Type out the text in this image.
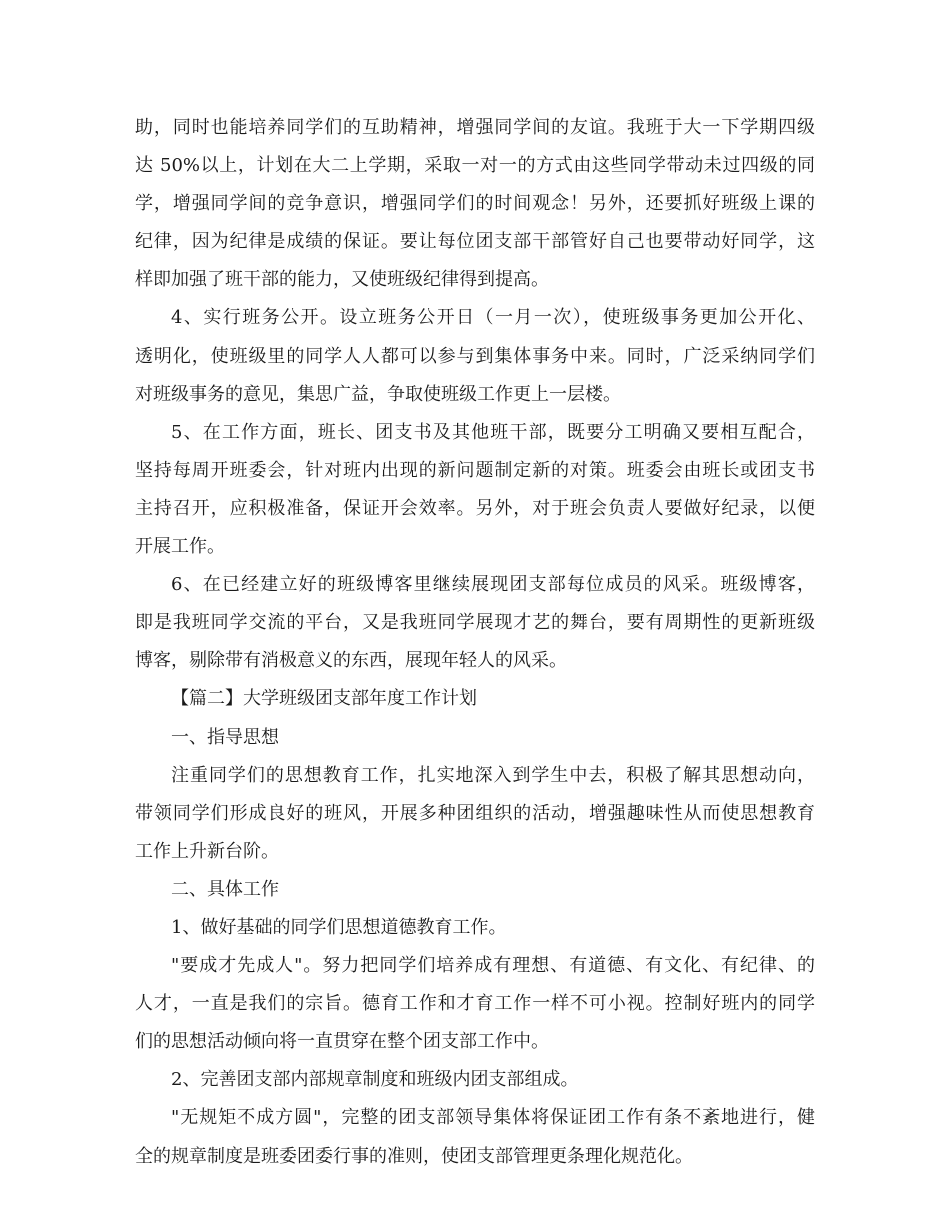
助，同时也能培养同学们的互助精神，增强同学间的友谊。我班于大一下学期四级
达 50%以上，计划在大二上学期，采取一对一的方式由这些同学带动未过四级的同
学，增强同学间的竞争意识，增强同学们的时间观念！另外，还要抓好班级上课的
纪律，因为纪律是成绩的保证。要让每位团支部干部管好自己也要带动好同学，这
样即加强了班干部的能力，又使班级纪律得到提高。
4、实行班务公开。设立班务公开日（一月一次），使班级事务更加公开化、
透明化，使班级里的同学人人都可以参与到集体事务中来。同时，广泛采纳同学们
对班级事务的意见，集思广益，争取使班级工作更上一层楼。
5、在工作方面，班长、团支书及其他班干部，既要分工明确又要相互配合，
坚持每周开班委会，针对班内出现的新问题制定新的对策。班委会由班长或团支书
主持召开，应积极准备，保证开会效率。另外，对于班会负责人要做好纪录，以便
开展工作。
6、在已经建立好的班级博客里继续展现团支部每位成员的风采。班级博客，
即是我班同学交流的平台，又是我班同学展现才艺的舞台，要有周期性的更新班级
博客，剔除带有消极意义的东西，展现年轻人的风采。
【篇二】大学班级团支部年度工作计划
一、指导思想
注重同学们的思想教育工作，扎实地深入到学生中去，积极了解其思想动向，
带领同学们形成良好的班风，开展多种团组织的活动，增强趣味性从而使思想教育
工作上升新台阶。
二、具体工作
1、做好基础的同学们思想道德教育工作。
"要成才先成人"。努力把同学们培养成有理想、有道德、有文化、有纪律、的
人才，一直是我们的宗旨。德育工作和才育工作一样不可小视。控制好班内的同学
们的思想活动倾向将一直贯穿在整个团支部工作中。
2、完善团支部内部规章制度和班级内团支部组成。
"无规矩不成方圆"，完整的团支部领导集体将保证团工作有条不紊地进行，健
全的规章制度是班委团委行事的准则，使团支部管理更条理化规范化。
